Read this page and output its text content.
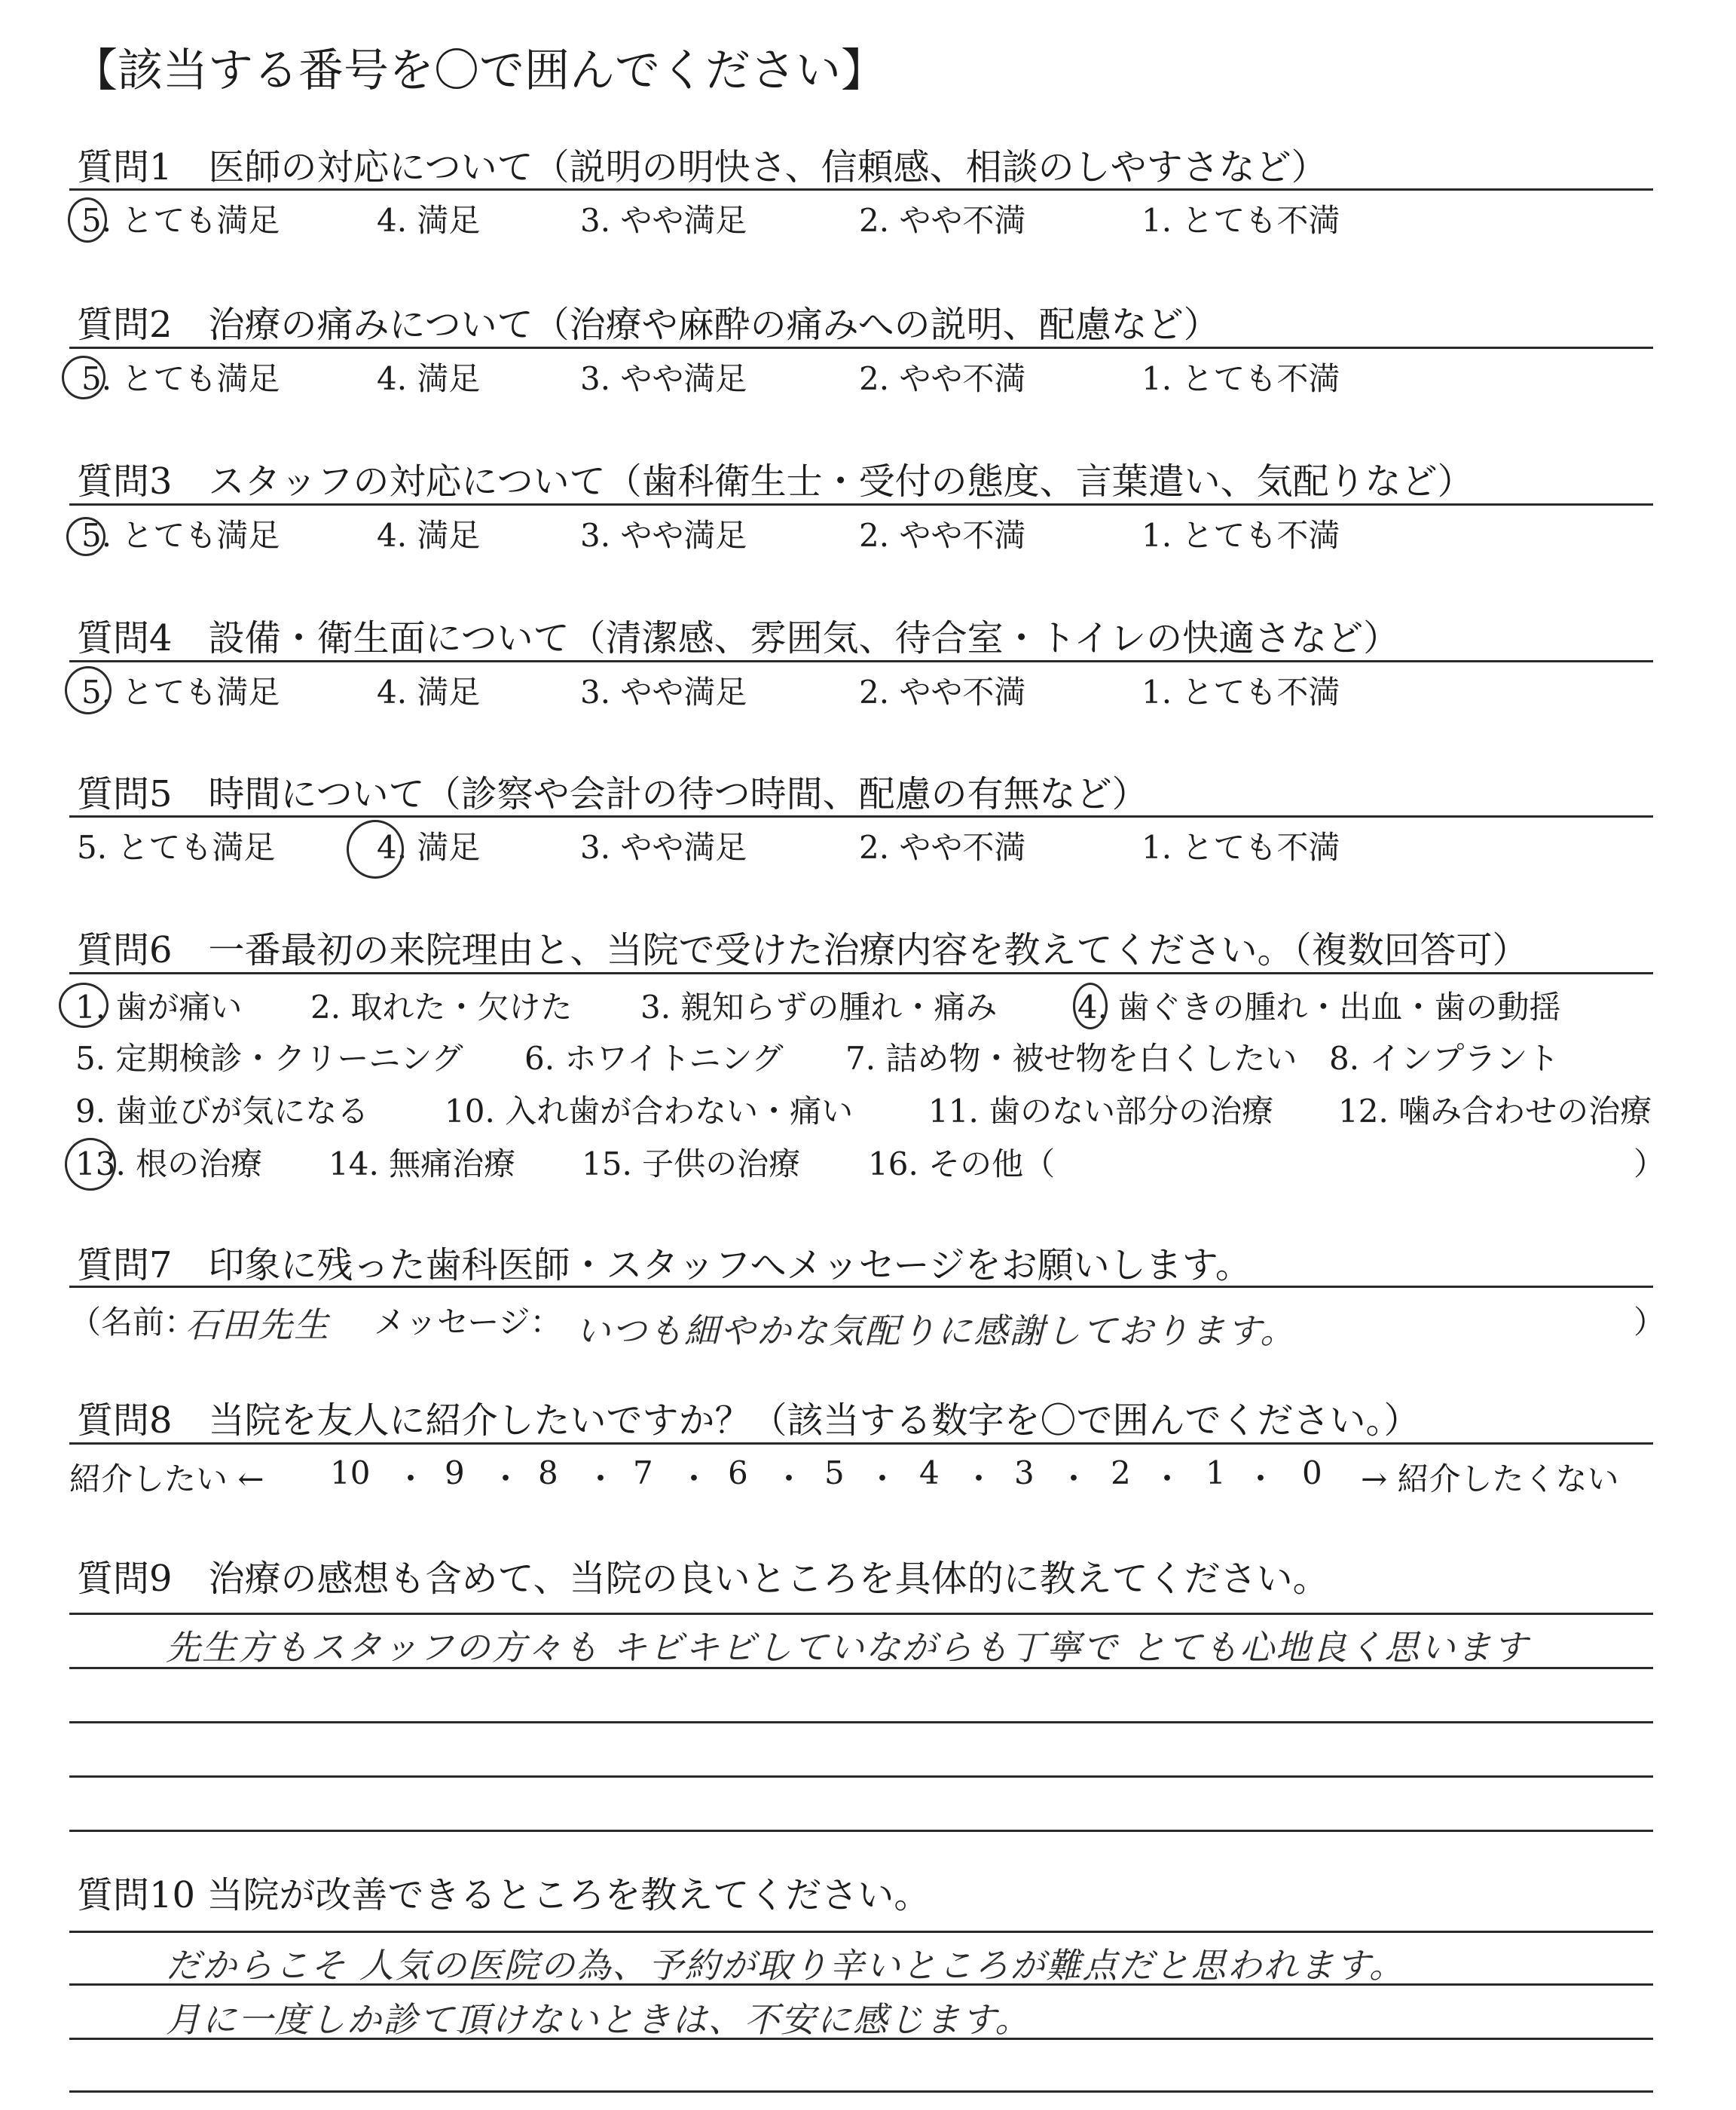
【該当する番号を〇で囲んでください】
質問1　医師の対応について（説明の明快さ、信頼感、相談のしやすさなど）
5. とても満足	4. 満足	3. やや満足	2. やや不満	1. とても不満
質問2　治療の痛みについて（治療や麻酔の痛みへの説明、配慮など）
5. とても満足	4. 満足	3. やや満足	2. やや不満	1. とても不満
質問3　スタッフの対応について（歯科衛生士・受付の態度、言葉遣い、気配りなど）
5. とても満足	4. 満足	3. やや満足	2. やや不満	1. とても不満
質問4　設備・衛生面について（清潔感、雰囲気、待合室・トイレの快適さなど）
5. とても満足	4. 満足	3. やや満足	2. やや不満	1. とても不満
質問5　時間について（診察や会計の待つ時間、配慮の有無など）
5. とても満足	4. 満足	3. やや満足	2. やや不満	1. とても不満
質問6　一番最初の来院理由と、当院で受けた治療内容を教えてください。（複数回答可）
1. 歯が痛い 2. 取れた・欠けた 3. 親知らずの腫れ・痛み	4. 歯ぐきの腫れ・出血・歯の動揺
5. 定期検診・クリーニング 6. ホワイトニング 7. 詰め物・被せ物を白くしたい 8. インプラント
9. 歯並びが気になる 10. 入れ歯が合わない・痛い 11. 歯のない部分の治療 12. 噛み合わせの治療
13. 根の治療 14. 無痛治療 15. 子供の治療 16. その他（	）
質問7　印象に残った歯科医師・スタッフへメッセージをお願いします。
（名前：
石田先生 メッセージ： いつも細やかな気配りに感謝しております。	）
質問8　当院を友人に紹介したいですか？（該当する数字を〇で囲んでください。）
紹介したい ← 10 ・ 9 ・ 8 ・ 7 ・ 6 ・ 5 ・ 4 ・ 3 ・ 2 ・ 1 ・ 0 → 紹介したくない
質問9　治療の感想も含めて、当院の良いところを具体的に教えてください。
先生方もスタッフの方々も キビキビしていながらも丁寧で とても心地良く思います
質問10 当院が改善できるところを教えてください。
だからこそ 人気の医院の為、予約が取り辛いところが難点だと思われます。
月に一度しか診て頂けないときは、不安に感じます。
